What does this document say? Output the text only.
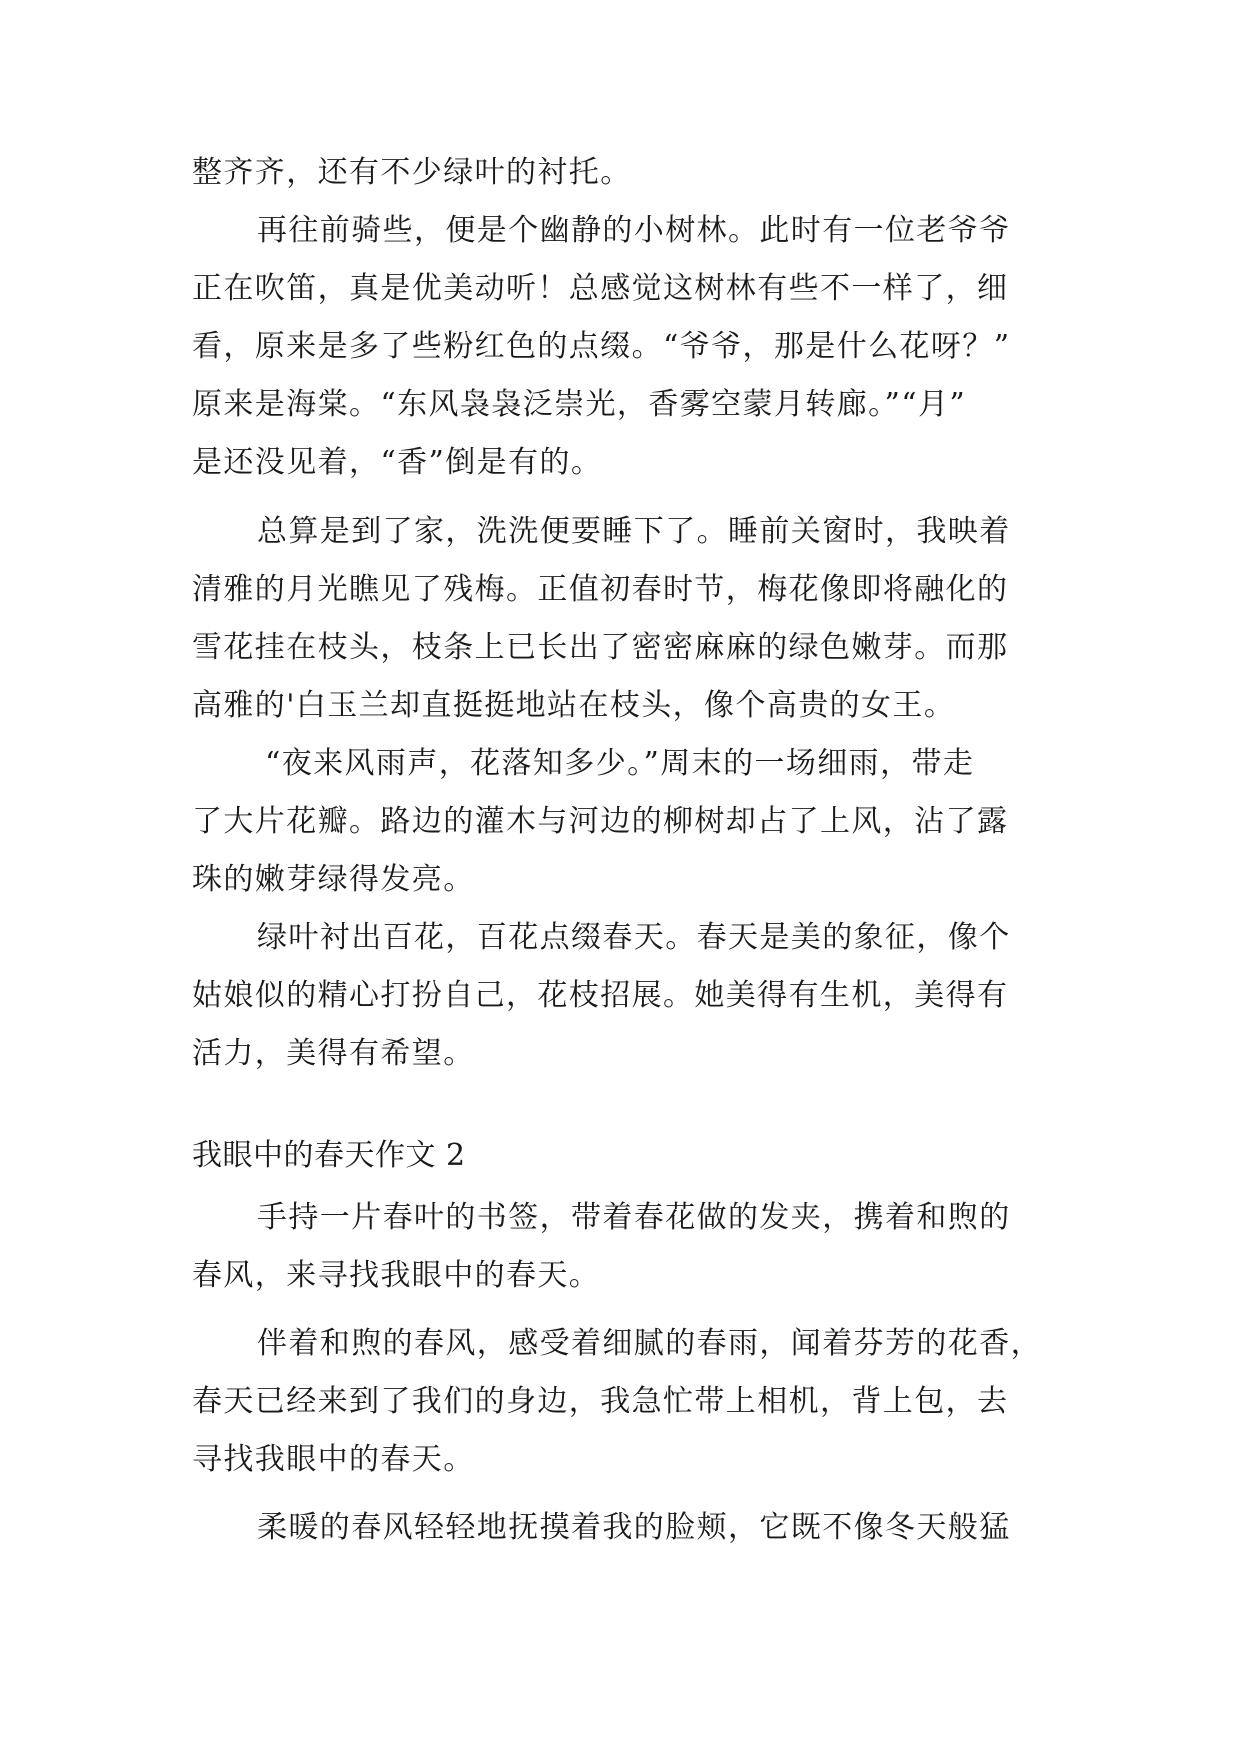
整齐齐，还有不少绿叶的衬托。
再往前骑些，便是个幽静的小树林。此时有一位老爷爷
正在吹笛，真是优美动听！总感觉这树林有些不一样了，细
看，原来是多了些粉红色的点缀。“爷爷，那是什么花呀？”
原来是海棠。“东风袅袅泛崇光，香雾空蒙月转廊。”“月”
是还没见着，“香”倒是有的。
总算是到了家，洗洗便要睡下了。睡前关窗时，我映着
清雅的月光瞧见了残梅。正值初春时节，梅花像即将融化的
雪花挂在枝头，枝条上已长出了密密麻麻的绿色嫩芽。而那
高雅的'白玉兰却直挺挺地站在枝头，像个高贵的女王。
“夜来风雨声，花落知多少。”周末的一场细雨，带走
了大片花瓣。路边的灌木与河边的柳树却占了上风，沾了露
珠的嫩芽绿得发亮。
绿叶衬出百花，百花点缀春天。春天是美的象征，像个
姑娘似的精心打扮自己，花枝招展。她美得有生机，美得有
活力，美得有希望。
我眼中的春天作文 2
手持一片春叶的书签，带着春花做的发夹，携着和煦的
春风，来寻找我眼中的春天。
伴着和煦的春风，感受着细腻的春雨，闻着芬芳的花香，
春天已经来到了我们的身边，我急忙带上相机，背上包，去
寻找我眼中的春天。
柔暖的春风轻轻地抚摸着我的脸颊，它既不像冬天般猛
